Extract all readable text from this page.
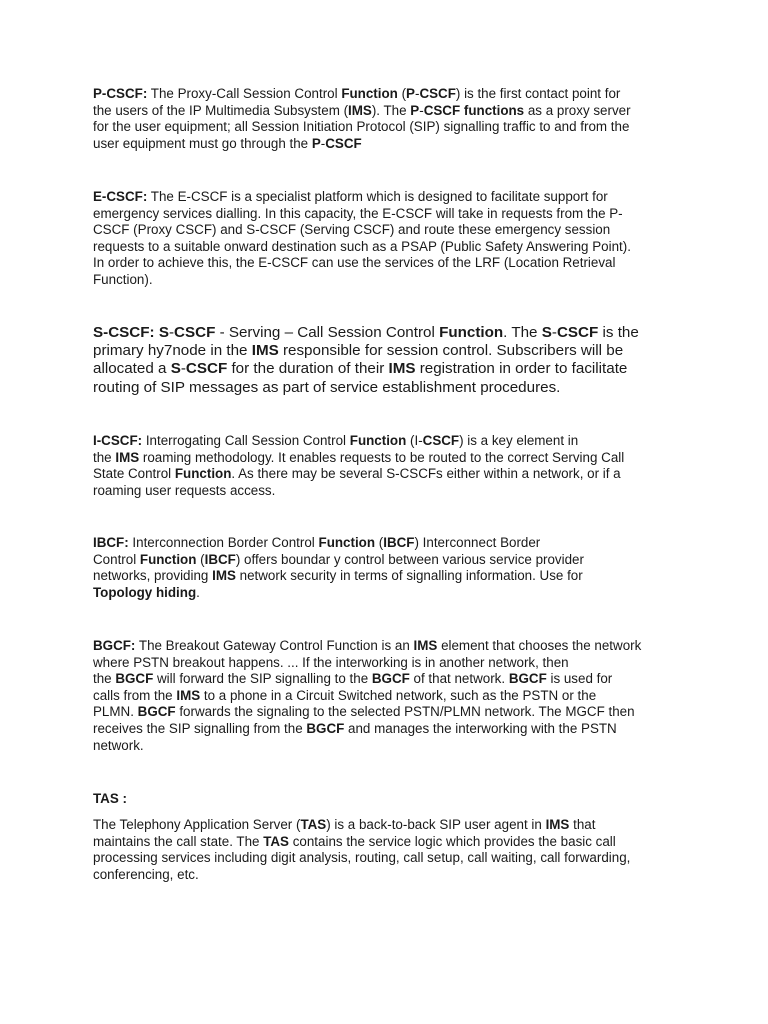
P-CSCF: The Proxy-Call Session Control Function (P-CSCF) is the first contact point for
the users of the IP Multimedia Subsystem (IMS). The P-CSCF functions as a proxy server
for the user equipment; all Session Initiation Protocol (SIP) signalling traffic to and from the
user equipment must go through the P-CSCF
E-CSCF: The E-CSCF is a specialist platform which is designed to facilitate support for
emergency services dialling. In this capacity, the E-CSCF will take in requests from the P-
CSCF (Proxy CSCF) and S-CSCF (Serving CSCF) and route these emergency session
requests to a suitable onward destination such as a PSAP (Public Safety Answering Point).
In order to achieve this, the E-CSCF can use the services of the LRF (Location Retrieval
Function).
S-CSCF: S-CSCF - Serving – Call Session Control Function. The S-CSCF is the
primary hy7node in the IMS responsible for session control. Subscribers will be
allocated a S-CSCF for the duration of their IMS registration in order to facilitate
routing of SIP messages as part of service establishment procedures.
I-CSCF: Interrogating Call Session Control Function (I-CSCF) is a key element in
the IMS roaming methodology. It enables requests to be routed to the correct Serving Call
State Control Function. As there may be several S-CSCFs either within a network, or if a
roaming user requests access.
IBCF: Interconnection Border Control Function (IBCF) Interconnect Border
Control Function (IBCF) offers boundar y control between various service provider
networks, providing IMS network security in terms of signalling information. Use for
Topology hiding.
BGCF: The Breakout Gateway Control Function is an IMS element that chooses the network
where PSTN breakout happens. ... If the interworking is in another network, then
the BGCF will forward the SIP signalling to the BGCF of that network. BGCF is used for
calls from the IMS to a phone in a Circuit Switched network, such as the PSTN or the
PLMN. BGCF forwards the signaling to the selected PSTN/PLMN network. The MGCF then
receives the SIP signalling from the BGCF and manages the interworking with the PSTN
network.
TAS :
The Telephony Application Server (TAS) is a back-to-back SIP user agent in IMS that
maintains the call state. The TAS contains the service logic which provides the basic call
processing services including digit analysis, routing, call setup, call waiting, call forwarding,
conferencing, etc.
